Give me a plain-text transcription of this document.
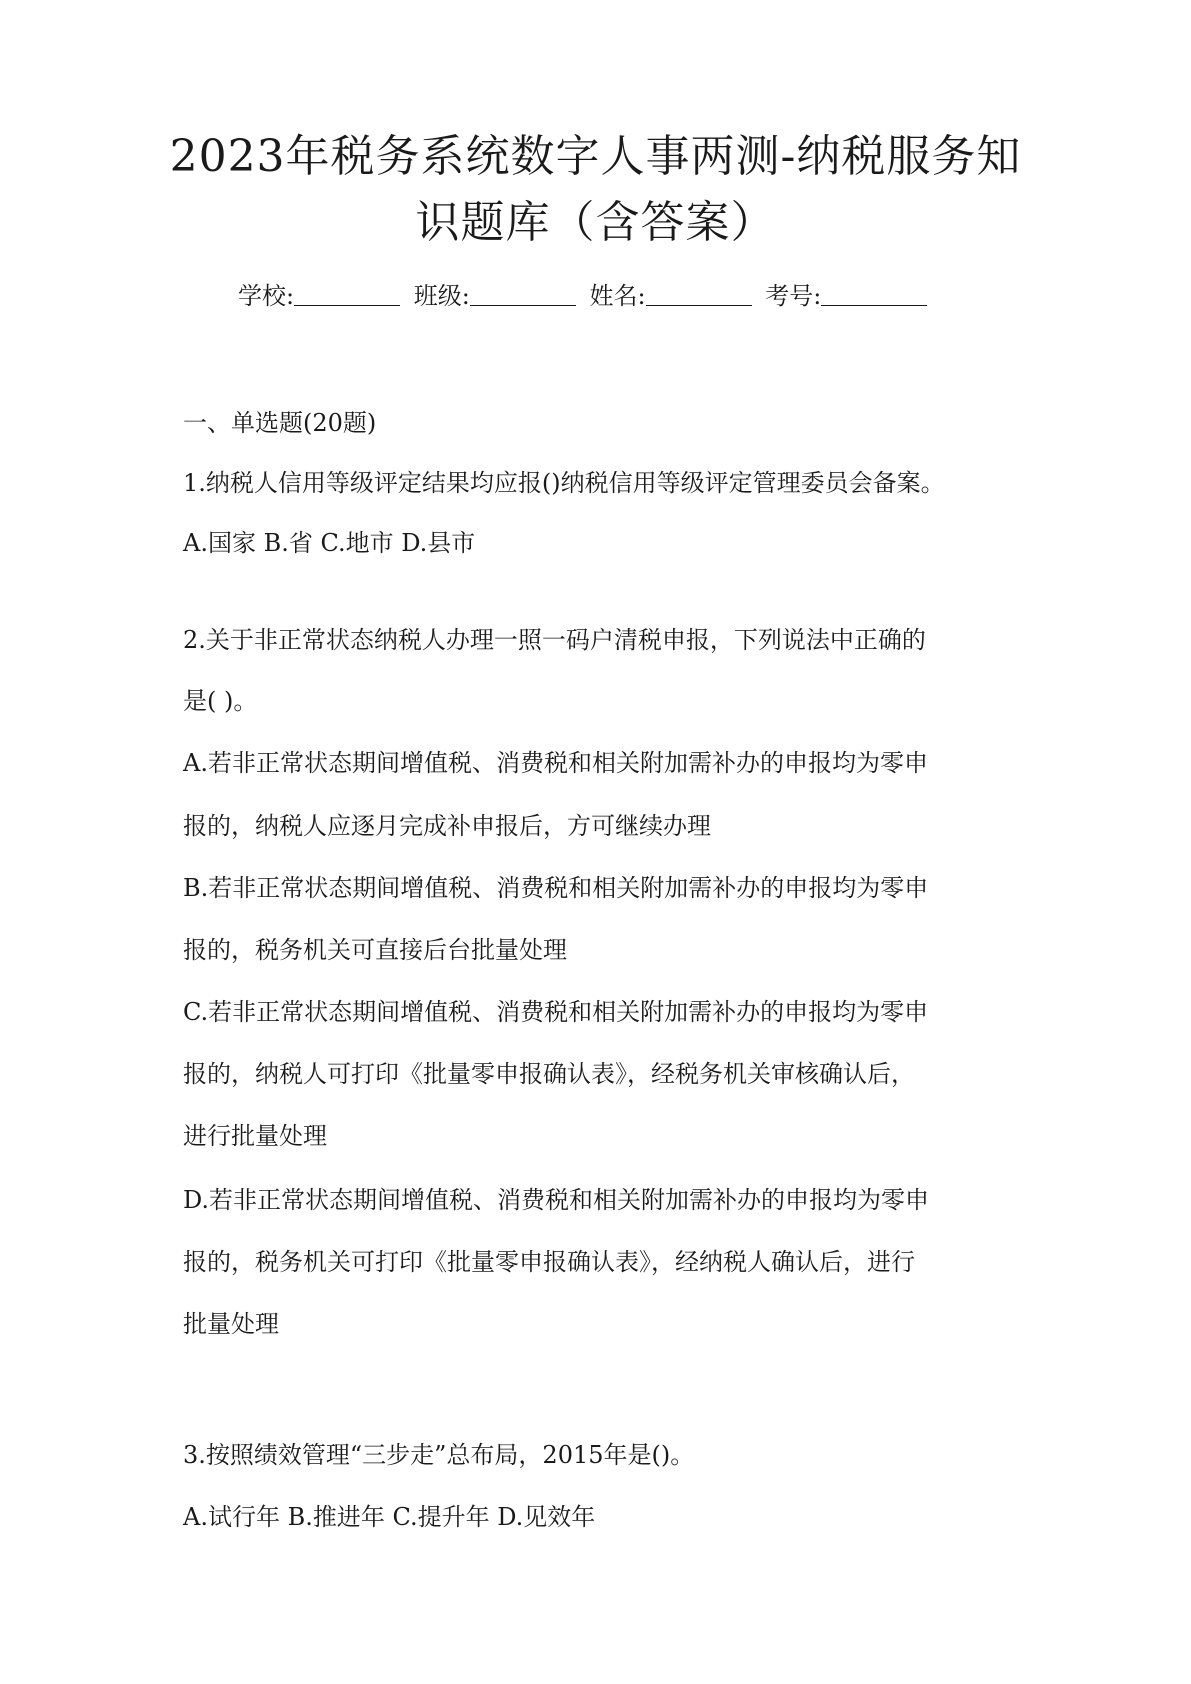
2023年税务系统数字人事两测-纳税服务知
识题库（含答案）
学校:	班级:	姓名:	考号:
一、单选题(20题)
1.纳税人信用等级评定结果均应报()纳税信用等级评定管理委员会备案。
A.国家 B.省 C.地市 D.县市
2.关于非正常状态纳税人办理一照一码户清税申报，下列说法中正确的
是( )。
A.若非正常状态期间增值税、消费税和相关附加需补办的申报均为零申
报的，纳税人应逐月完成补申报后，方可继续办理
B.若非正常状态期间增值税、消费税和相关附加需补办的申报均为零申
报的，税务机关可直接后台批量处理
C.若非正常状态期间增值税、消费税和相关附加需补办的申报均为零申
报的，纳税人可打印《批量零申报确认表》，经税务机关审核确认后，
进行批量处理
D.若非正常状态期间增值税、消费税和相关附加需补办的申报均为零申
报的，税务机关可打印《批量零申报确认表》，经纳税人确认后，进行
批量处理
3.按照绩效管理“三步走”总布局，2015年是()。
A.试行年 B.推进年 C.提升年 D.见效年
